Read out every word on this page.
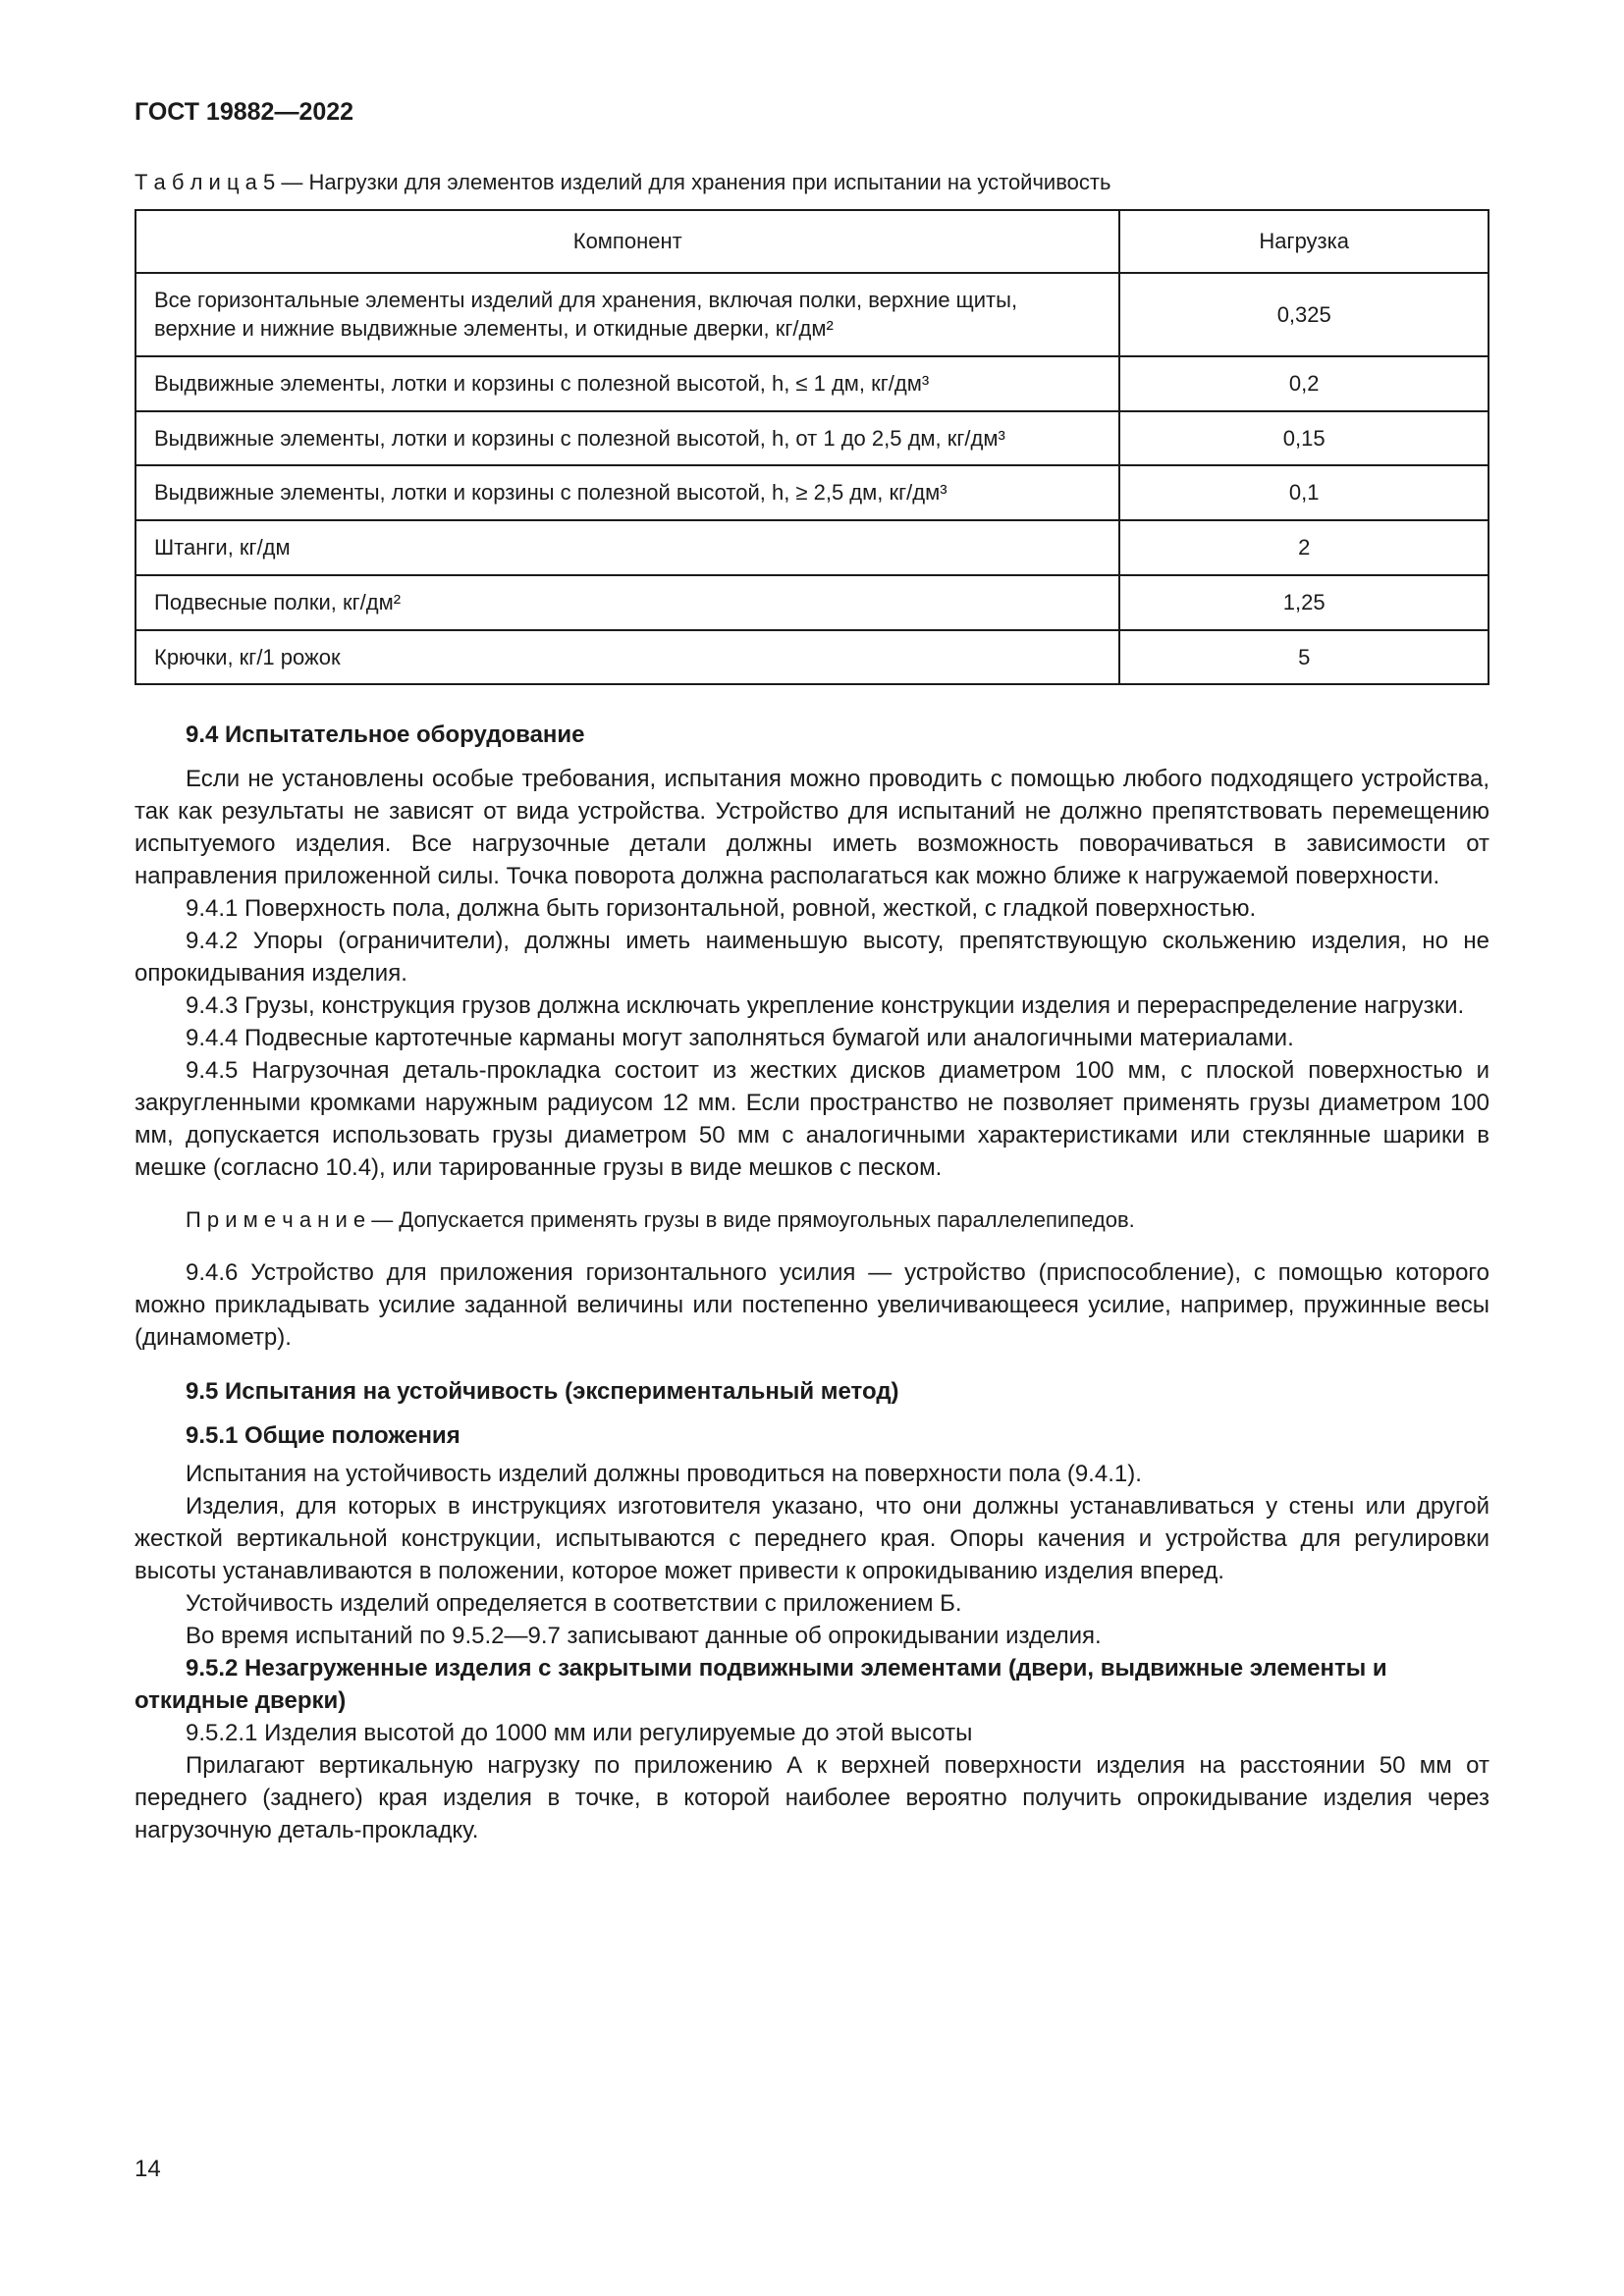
ГОСТ 19882—2022
Т а б л и ц а 5 — Нагрузки для элементов изделий для хранения при испытании на устойчивость
Компонент	Нагрузка
Все горизонтальные элементы изделий для хранения, включая полки, верхние щиты, верхние и нижние выдвижные элементы, и откидные дверки, кг/дм²	0,325
Выдвижные элементы, лотки и корзины с полезной высотой, h, ≤ 1 дм, кг/дм³	0,2
Выдвижные элементы, лотки и корзины с полезной высотой, h, от 1 до 2,5 дм, кг/дм³	0,15
Выдвижные элементы, лотки и корзины с полезной высотой, h, ≥ 2,5 дм, кг/дм³	0,1
Штанги, кг/дм	2
Подвесные полки, кг/дм²	1,25
Крючки, кг/1 рожок	5

9.4 Испытательное оборудование

Если не установлены особые требования, испытания можно проводить с помощью любого подходящего устройства, так как результаты не зависят от вида устройства. Устройство для испытаний не должно препятствовать перемещению испытуемого изделия. Все нагрузочные детали должны иметь возможность поворачиваться в зависимости от направления приложенной силы. Точка поворота должна располагаться как можно ближе к нагружаемой поверхности.

9.4.1 Поверхность пола, должна быть горизонтальной, ровной, жесткой, с гладкой поверхностью.

9.4.2 Упоры (ограничители), должны иметь наименьшую высоту, препятствующую скольжению изделия, но не опрокидывания изделия.

9.4.3 Грузы, конструкция грузов должна исключать укрепление конструкции изделия и перераспределение нагрузки.

9.4.4 Подвесные картотечные карманы могут заполняться бумагой или аналогичными материалами.

9.4.5 Нагрузочная деталь-прокладка состоит из жестких дисков диаметром 100 мм, с плоской поверхностью и закругленными кромками наружным радиусом 12 мм. Если пространство не позволяет применять грузы диаметром 100 мм, допускается использовать грузы диаметром 50 мм с аналогичными характеристиками или стеклянные шарики в мешке (согласно 10.4), или тарированные грузы в виде мешков с песком.

П р и м е ч а н и е — Допускается применять грузы в виде прямоугольных параллелепипедов.

9.4.6 Устройство для приложения горизонтального усилия — устройство (приспособление), с помощью которого можно прикладывать усилие заданной величины или постепенно увеличивающееся усилие, например, пружинные весы (динамометр).

9.5 Испытания на устойчивость (экспериментальный метод)

9.5.1 Общие положения

Испытания на устойчивость изделий должны проводиться на поверхности пола (9.4.1).

Изделия, для которых в инструкциях изготовителя указано, что они должны устанавливаться у стены или другой жесткой вертикальной конструкции, испытываются с переднего края. Опоры качения и устройства для регулировки высоты устанавливаются в положении, которое может привести к опрокидыванию изделия вперед.

Устойчивость изделий определяется в соответствии с приложением Б.

Во время испытаний по 9.5.2—9.7 записывают данные об опрокидывании изделия.

9.5.2 Незагруженные изделия с закрытыми подвижными элементами (двери, выдвижные элементы и откидные дверки)

9.5.2.1 Изделия высотой до 1000 мм или регулируемые до этой высоты

Прилагают вертикальную нагрузку по приложению А к верхней поверхности изделия на расстоянии 50 мм от переднего (заднего) края изделия в точке, в которой наиболее вероятно получить опрокидывание изделия через нагрузочную деталь-прокладку.

14
